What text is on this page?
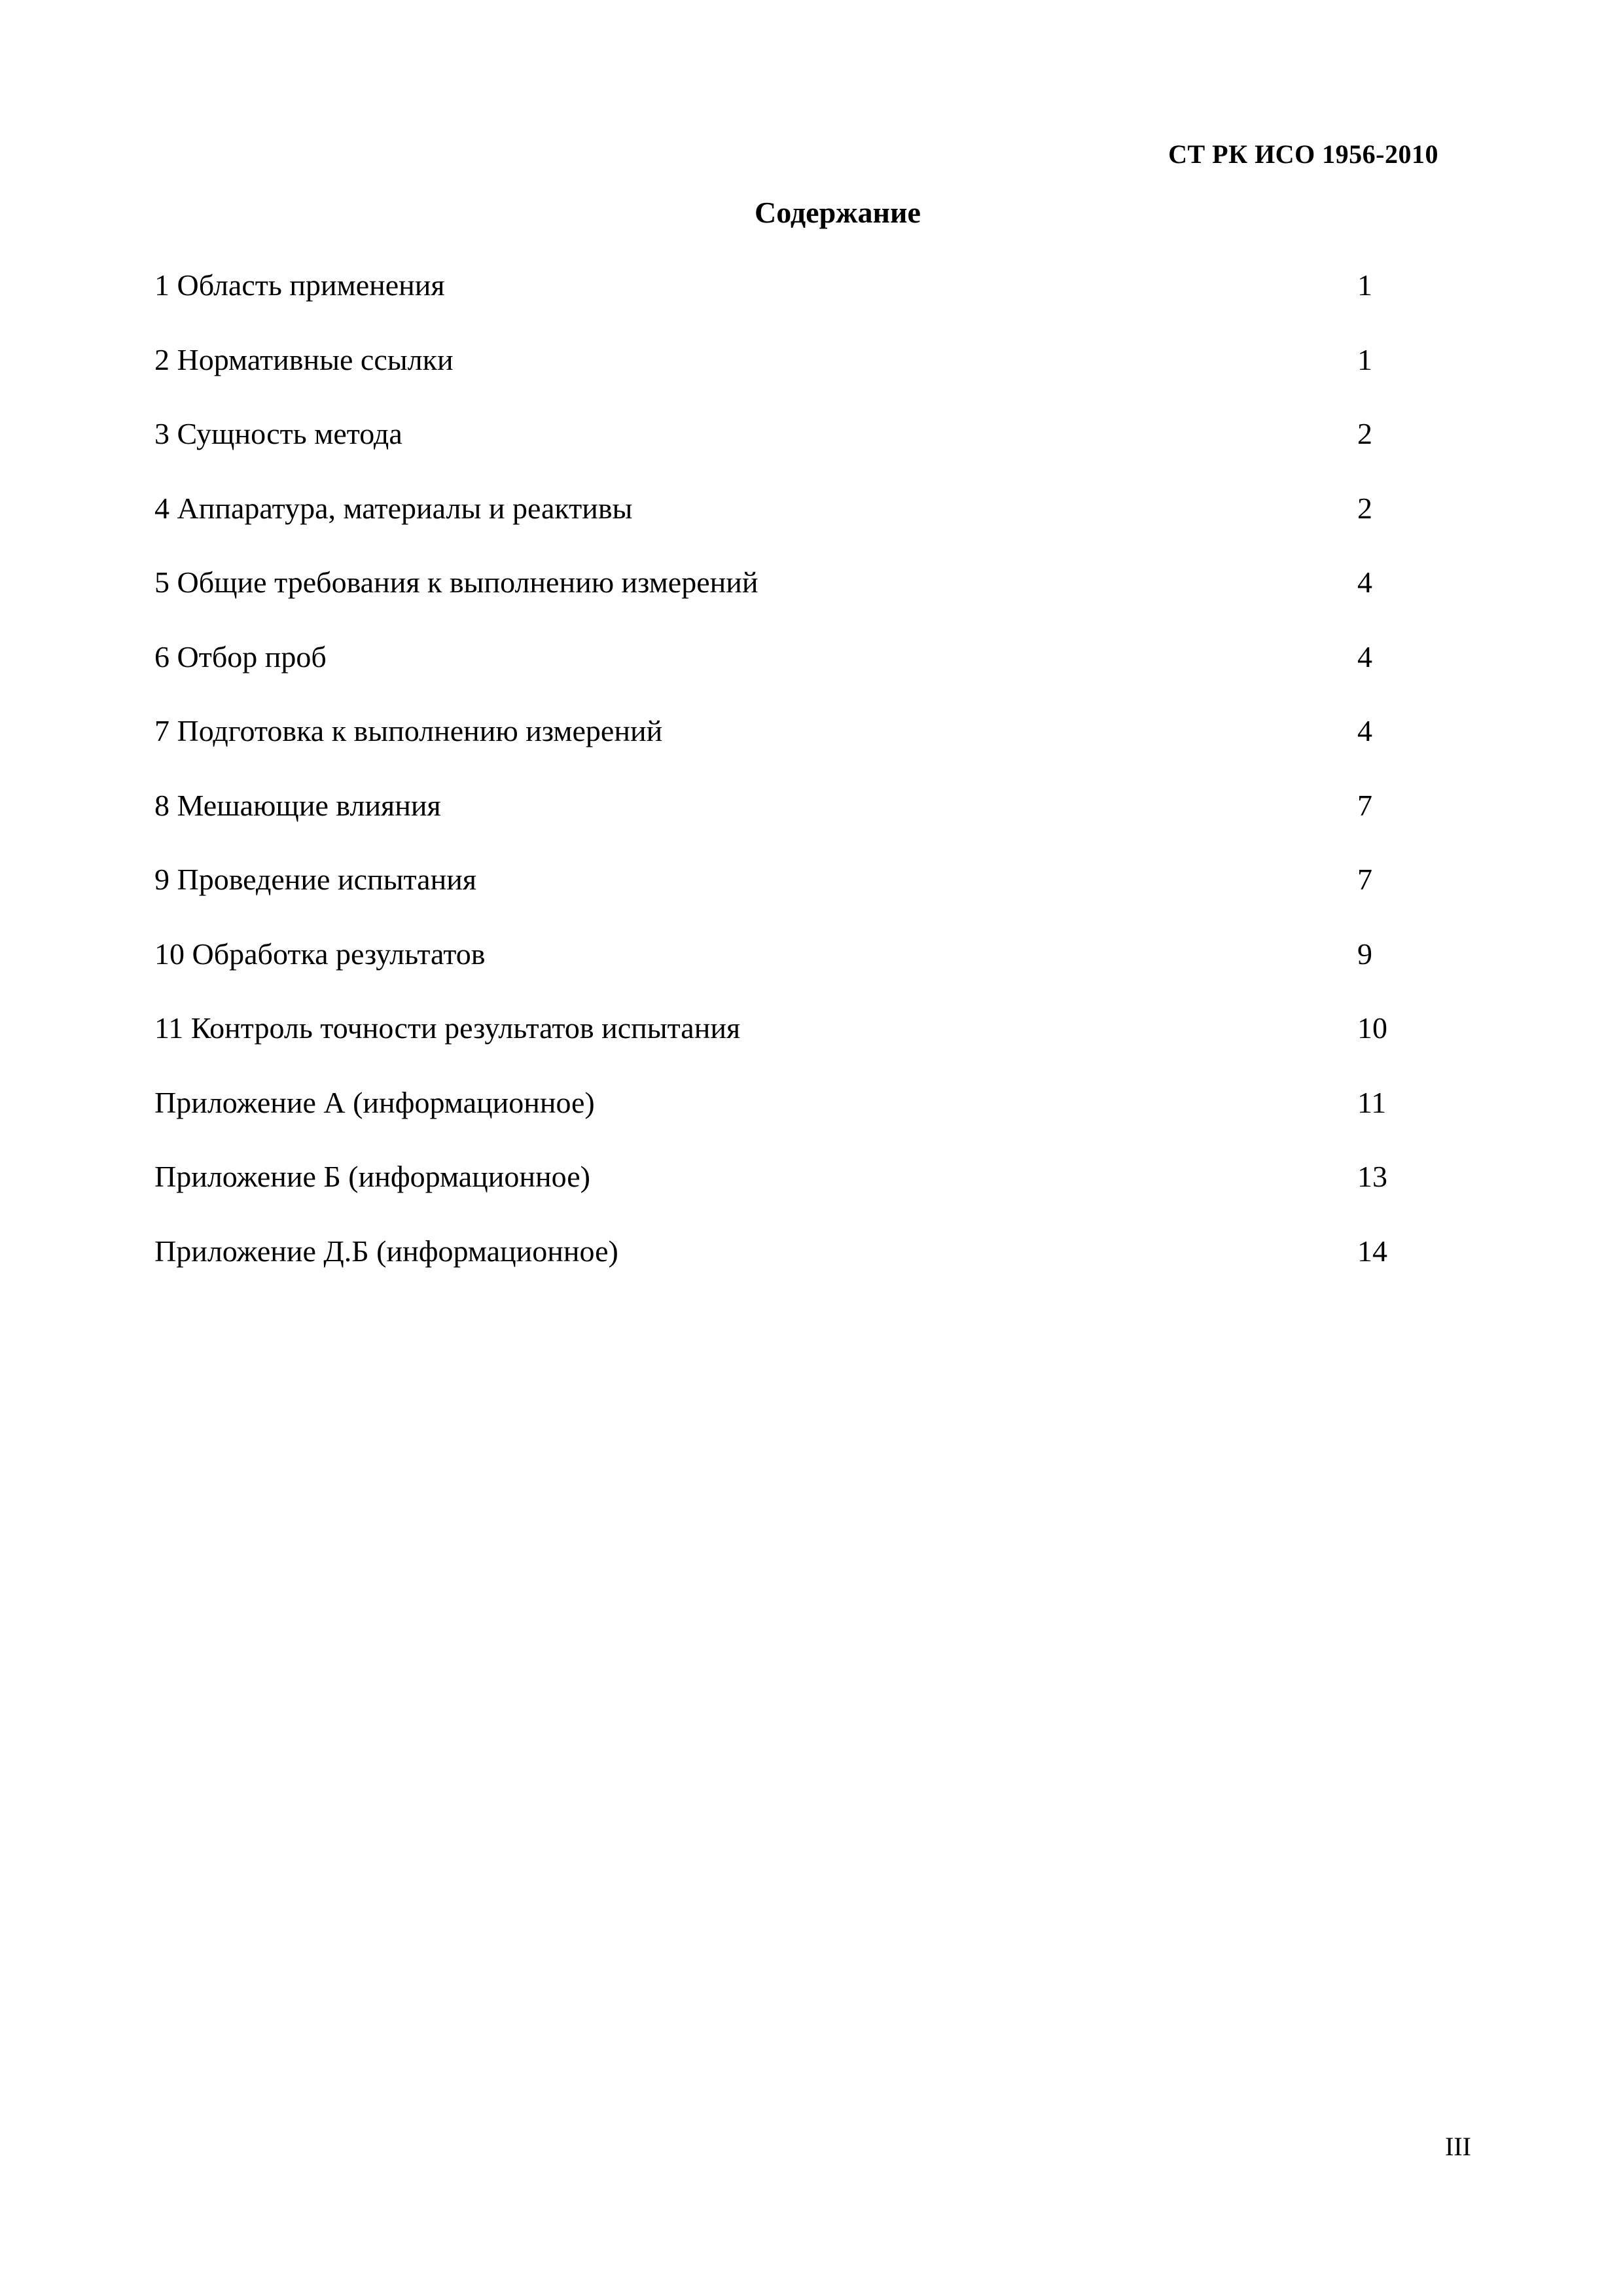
СТ РК ИСО 1956-2010
Содержание
1 Область применения	1
2 Нормативные ссылки	1
3 Сущность метода	2
4 Аппаратура, материалы и реактивы	2
5 Общие требования к выполнению измерений	4
6 Отбор проб	4
7 Подготовка к выполнению измерений	4
8 Мешающие влияния	7
9 Проведение испытания	7
10 Обработка результатов	9
11 Контроль точности результатов испытания	10
Приложение А (информационное)	11
Приложение Б (информационное)	13
Приложение Д.Б (информационное)	14
III
